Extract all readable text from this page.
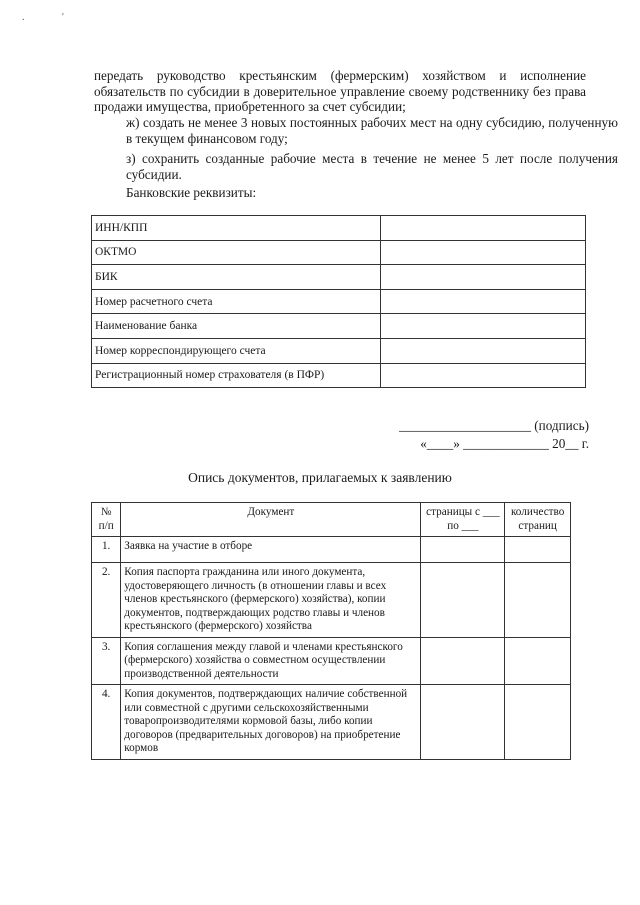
.	'
передать руководство крестьянским (фермерским) хозяйством и исполнение обязательств по субсидии в доверительное управление своему родственнику без права продажи имущества, приобретенного за счет субсидии;
ж) создать не менее 3 новых постоянных рабочих мест на одну субсидию, полученную в текущем финансовом году;
з) сохранить созданные рабочие места в течение не менее 5 лет после получения субсидии.
Банковские реквизиты:
ИНН/КПП	
ОКТМО	
БИК	
Номер расчетного счета	
Наименование банка	
Номер корреспондирующего счета	
Регистрационный номер страхователя (в ПФР)	
____________________ (подпись)
«____» _____________ 20__ г.
Опись документов, прилагаемых к заявлению
№ п/п	Документ	страницы с ___ по ___	количество страниц
1.	Заявка на участие в отборе		
2.	Копия паспорта гражданина или иного документа, удостоверяющего личность (в отношении главы и всех членов крестьянского (фермерского) хозяйства), копии документов, подтверждающих родство главы и членов крестьянского (фермерского) хозяйства		
3.	Копия соглашения между главой и членами крестьянского (фермерского) хозяйства о совместном осуществлении производственной деятельности		
4.	Копия документов, подтверждающих наличие собственной или совместной с другими сельскохозяйственными товаропроизводителями кормовой базы, либо копии договоров (предварительных договоров) на приобретение кормов		
